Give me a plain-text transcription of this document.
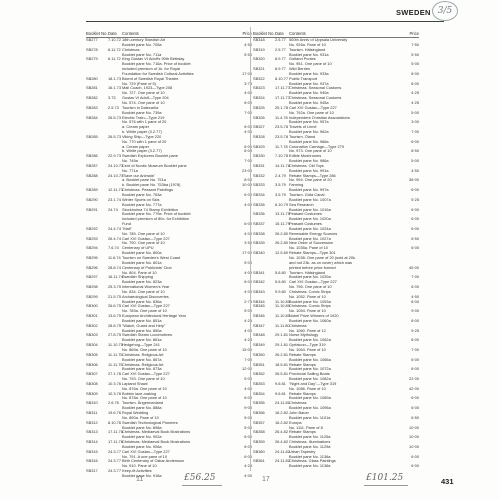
SWEDEN 3/5
Booklet No. Date	Contents	Price
SB277	7.10.72 18th-century Swedish Art
Booklet pane No. 705a	4·50
SB278	6.11.72 Christmas
Booklet pane No. 711a	5·50
SB279	6.11.72 King Gustav VI Adolf's 90th Birthday
Booklet pane No. 716a. Price of booklet
included premium of 1k. for Royal
Foundation for Swedish Cultural Activities	17·00
SB280	18.1.73 Bicent of Swedish Royal Theatre
No. 729 (Pane of 5)	3·75
SB281	16.1.73 Mail Coach, 1923—Type 208
No. 727. One pane of 10	4·00
SB282	3.73	Gustav VI Adolf—Type 204
No. 574. One pane of 10	6·00
SB283	2.5.73 Tourism in Dalecarlia
Booklet pane No. 739a	7·00
SB284	26.5.73 Electric Train—Type 219
No. 576 with 1 pane of 20
a. Cream paper	6·00
b. White paper (3.2.77)	4·00
SB285	26.5.73 Viking Ship—Type 220
No. 770 with 1 pane of 20
a. Cream paper	6·00
b. White paper (3.2.77)	6·00
SB286	22.9.73 Swedish Explorers Booklet pane
No. 749a	7·00
SB287	24.10.73
Cent of Nordic Museum Booklet pane
No. 771a	23·00
SB288	24.10.73
"Save our Animals"
a. Booklet pane No. 751a	8·00
b. Booklet pane No. 753ba (1978)	10·00
SB289	12.11.73 Christmas. Peasant Paintings
Booklet pane No. 763a	6·00
SB290	23.1.74 Winter Sports on Skis
Booklet pane No. 777a	4·00
SB291	24.74	Stockholma 74 Stamp Exhibition
Booklet pane No. 779a. Price of booklet
included premium of 80c. for Exhibition
Fund	6·00
SB292	24.4.74 "Mail"
No. 785. One pane of 10	4·00
SB293	26.4.74 Carl XVI Gustav—Type 227
No. 790. One pane of 10	3·50
SB294	7.6.74 Centenary of UPU
Booklet pane No. 800a	17·00
SB295	11.6.74 Tourism on Sweden's West Coast
Booklet pane No. 801a	5·00
SB296	28.8.74 Centenary of Publicists' Club
No. 804. Pane of 10	4·00
SB297	16.11.74 Swedish Shipping
Booklet pane No. 823a	6·00
SB298	25.3.75 International Women's Year
No. 834. One pane of 10	4·00
SB299	21.5.75 Archaeological Discoveries
Booklet pane No. 836a	2·75
SB300	26.6.75 Carl XVI Gustav—Type 227
No. 789a. One pane of 10	5·00
SB301	13.6.75 European Architectural Heritage Year
Booklet pane No. 851a	4·25
SB302	28.8.75 "Watch, Guard and Help"
Booklet pane No. 850a	4·00
SB303	27.8.75 Swedish Steam Locomotives
Booklet pane No. 861a	4·25
SB304	11.10.75 Hedgehog—Type 241
No. 869a. One pane of 10	15·00
SB305	11.11.75 Christmas. Religious Art
Booklet pane No. 867a	7·00
SB306	11.11.75 Christmas. Religious Art
Booklet pane No. 873a	12·00
SB307	27.1.76 Carl XVI Gustav—Type 227
No. 793. One pane of 10	5·00
SB308	10.3.76 Lapland Shawl
No. 876a. One pane of 10	4·00
SB309	10.3.76 Bobbin lace-making
No. 878a. One pane of 10	6·00
SB310	2.6.76 Tourism. Ångermanland
Booklet pane No. 888a	9·00
SB311	19.6.76 Royal Wedding
No. 890a. Pane of 10	5·00
SB312	8.10.76 Swedish Technological Pioneers
Booklet pane No. 898a	5·00
SB313	17.11.76 Christmas. Mediaeval Book Illustrations
Booklet pane No. 902a	6·00
SB314	17.11.76 Christmas. Mediaeval Book Illustrations
Booklet pane No. 906a	6·00
SB315	24.3.77 Carl XVI Gustav—Type 227
No. 791. A one pane of 10	6·00
SB316	24.3.77 Birth Centenary of Oskar Andersson
No. 910. Pane of 10	4·25
SB317	24.3.77 Keep-fit Activities
Booklet pane No. 918a	4·00
Booklet No. Date	Contents	Price
SB318	2.5.77 500th Anniv of Uppsala University
No. 926a. Pane of 10	7·50
SB319	2.5.77 Tourism. Hälsingland
Booklet pane No. 931a	5·50
SB320	8.9.77 Gotland Ponies
No. 951. One pane of 10	5·00
SB321	8.9.77 Wild Berries
Booklet pane No. 933a	8·00
SB322	8.10.77 Public Transport
Booklet pane No. 937a	8·00
SB323	17.11.77 Christmas. Seasonal Customs
Booklet pane No. 940a	4·25
SB324	17.11.77 Christmas. Seasonal Customs
Booklet pane No. 945a	4·25
SB325	25.1.78 Carl XVI Gustav—Type 227
No. 792a. One pane of 10	5·00
SB326	11.4.78 Independent Christian Associations
Booklet pane No. 957a	3·00
SB327	23.5.78 Travels of Linné
Booklet pane No. 962a	7·00
SB328	23.5.78 Tourism. Öland
Booklet pane No. 966a	6·00
SB329	11.7.78 Coronation Carriage—Type 279
No. 973. One pane of 10	8·50
SB330	7.10.78 Edible Mushrooms
Booklet pane No. 986a	5·00
SB331	14.11.78 Christmas. Old Toys
Booklet pane No. 991a	4·50
SB332	2.4.79 Rebate Stamps—Type 286
No. 994. One pane of 20	38·00
SB333	3.5.79 Farming
Booklet pane No. 997a	6·00
SB334	3.5.79 Tourism. Göta Canal
Booklet pane No. 1007a	5·25
SB335	6.10.79 Sea Research
Booklet pane No. 1016a	6·00
SB336	13.11.79 Peasant Costumes
Booklet pane No. 1020a	6·00
SB337	15.11.79 Peasant Costumes
Booklet pane No. 1024a	6·00
SB338	26.2.80 Renewable Energy Sources
Booklet pane No. 1027a	6·50
SB339	26.2.80 New Order of Succession
No. 1035a. Pane of 10	6·00
SB340	12.5.80 Rebate Stamps—Type 301
No. 1038. One pane of 20 (sold at 20k.
and not 23k. as on cover) which was
printed before price formed	45·00
SB341	5.6.80 Tourism. Hälsingland
Booklet pane No. 1039a	7·00
SB342	5.6.80 Carl XVI Gustav—Type 227
No. 796. One pane of 10	6·00
SB343	9.9.80 Christmas. Comic Strips
No. 1052. Pane of 10	4·50
SB344	11.10.80 Booklet pane No. 1053a	8·00
SB345	11.10.80 Christmas. Comic Strips
No. 1054. Pane of 10	9·00
SB346	11.10.80 Nobel Prize Winners of 1920
Booklet pane No. 1060a	8·00
SB347	11.11.80 Christmas
No. 1060. Pane of 12	9·25
SB348	29.1.81 Norse Mythology
Booklet pane No. 1062a	8·00
SB349	29.1.81 Gyrfalcon—Type 319
No. 1064. Pane of 10	7·00
SB350	26.2.81 Rebate Stamps
Booklet pane No. 1066a	6·00
SB351	18.5.81 Rebate Stamps
Booklet pane No. 1072a	8·00
SB352	26.5.81 Provincial Sailing Boats
Booklet pane No. 1082a	22·00
SB353	9.6.81 "Night and Day"—Type 319
No. 1086. Pane of 10	42·00
SB354	9.6.81 Rebate Stamps
Booklet pane No. 1089a	6·00
SB355	24.11.81 Christmas
Booklet pane No. 1096a	6·00
SB356	16.2.82 John Bauer
Booklet pane No. 1101a	6·50
SB357	16.2.82 Europa
No. 1111. Pane of 8	10·00
SB358	26.4.82 Rebate Stamps
Booklet pane No. 1125a	10·00
SB359	26.4.82 Christmas. Illuminations
Booklet pane No. 1129a	10·00
SB360	24.11.82 Urban Tapestry
Booklet pane No. 1136a	6·00
SB361	24.11.82 Christmas. Glass Paintings
Booklet pane No. 1136a	6·00
11	£56.25	17	£101.25	431
